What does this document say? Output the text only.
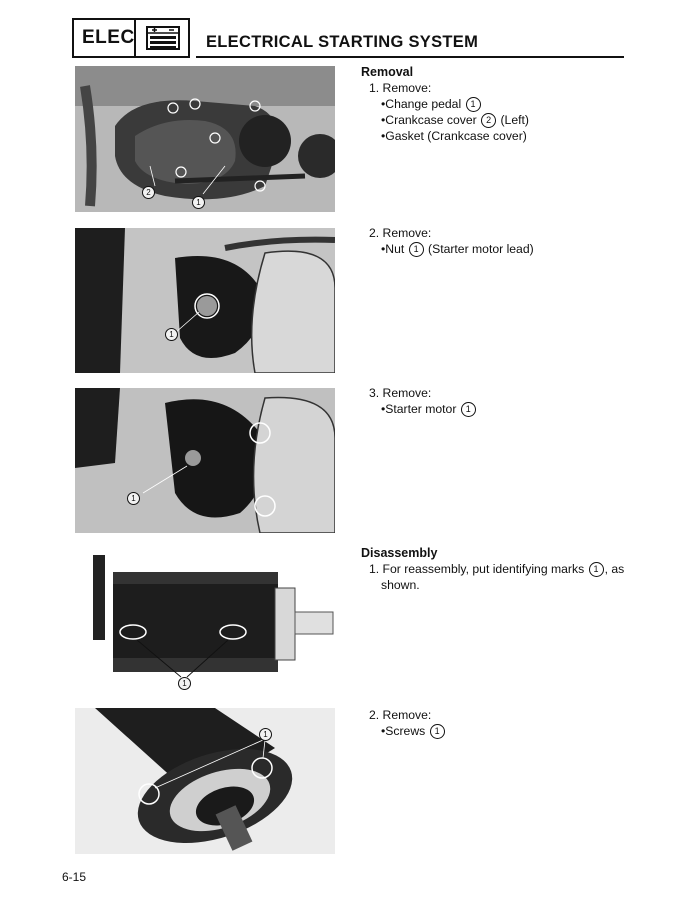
ELEC	ELECTRICAL STARTING SYSTEM
2
1
1
1
1
1
Removal
1. Remove:
•Change pedal 1
•Crankcase cover 2 (Left)
•Gasket (Crankcase cover)
2. Remove:
•Nut 1 (Starter motor lead)
3. Remove:
•Starter motor 1
Disassembly
1. For reassembly, put identifying marks 1 , as
shown.
2. Remove:
•Screws 1
6-15
